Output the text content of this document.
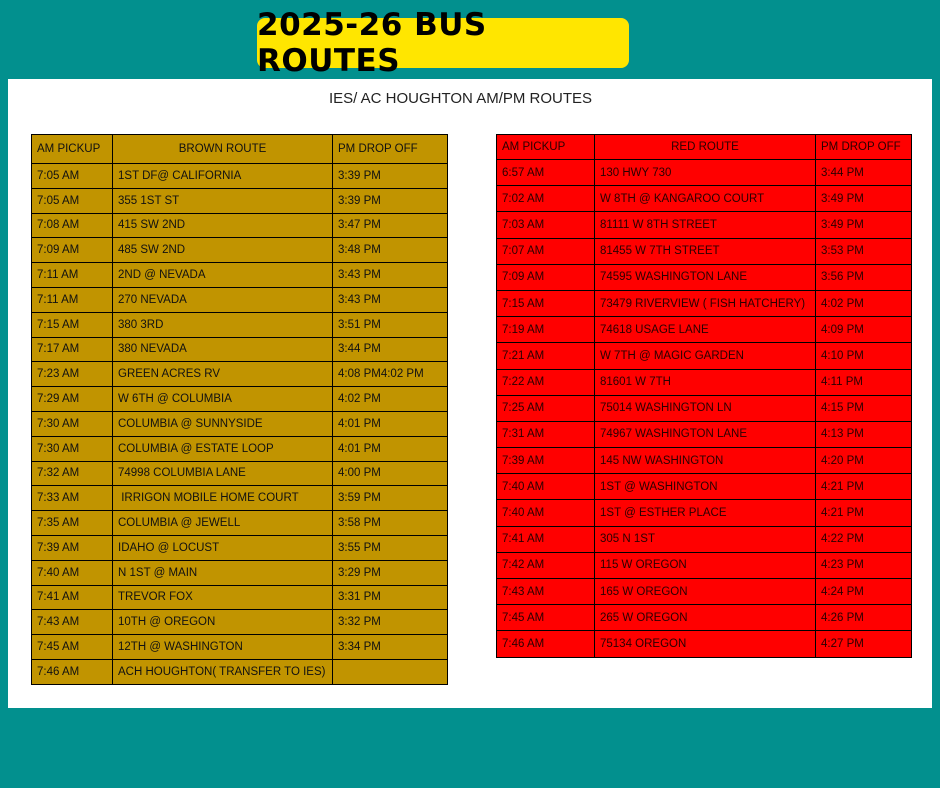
2025-26 BUS ROUTES
IES/ AC HOUGHTON AM/PM ROUTES
AM PICKUP	BROWN ROUTE	PM DROP OFF
7:05 AM	1ST DF@ CALIFORNIA	3:39 PM
7:05 AM	355 1ST ST	3:39 PM
7:08 AM	415 SW 2ND	3:47 PM
7:09 AM	485 SW 2ND	3:48 PM
7:11 AM	2ND @ NEVADA	3:43 PM
7:11 AM	270 NEVADA	3:43 PM
7:15 AM	380 3RD	3:51 PM
7:17 AM	380 NEVADA	3:44 PM
7:23 AM	GREEN ACRES RV	4:08 PM4:02 PM
7:29 AM	W 6TH @ COLUMBIA	4:02 PM
7:30 AM	COLUMBIA @ SUNNYSIDE	4:01 PM
7:30 AM	COLUMBIA @ ESTATE LOOP	4:01 PM
7:32 AM	74998 COLUMBIA LANE	4:00 PM
7:33 AM	IRRIGON MOBILE HOME COURT	3:59 PM
7:35 AM	COLUMBIA @ JEWELL	3:58 PM
7:39 AM	IDAHO @ LOCUST	3:55 PM
7:40 AM	N 1ST @ MAIN	3:29 PM
7:41 AM	TREVOR FOX	3:31 PM
7:43 AM	10TH @ OREGON	3:32 PM
7:45 AM	12TH @ WASHINGTON	3:34 PM
7:46 AM	ACH HOUGHTON( TRANSFER TO IES)	
AM PICKUP	RED ROUTE	PM DROP OFF
6:57 AM	130 HWY 730	3:44 PM
7:02 AM	W 8TH @ KANGAROO COURT	3:49 PM
7:03 AM	81111 W 8TH STREET	3:49 PM
7:07 AM	81455 W 7TH STREET	3:53 PM
7:09 AM	74595 WASHINGTON LANE	3:56 PM
7:15 AM	73479 RIVERVIEW ( FISH HATCHERY)	4:02 PM
7:19 AM	74618 USAGE LANE	4:09 PM
7:21 AM	W 7TH @ MAGIC GARDEN	4:10 PM
7:22 AM	81601 W 7TH	4:11 PM
7:25 AM	75014 WASHINGTON LN	4:15 PM
7:31 AM	74967 WASHINGTON LANE	4:13 PM
7:39 AM	145 NW WASHINGTON	4:20 PM
7:40 AM	1ST @ WASHINGTON	4:21 PM
7:40 AM	1ST @ ESTHER PLACE	4:21 PM
7:41 AM	305 N 1ST	4:22 PM
7:42 AM	115 W OREGON	4:23 PM
7:43 AM	165 W OREGON	4:24 PM
7:45 AM	265 W OREGON	4:26 PM
7:46 AM	75134 OREGON	4:27 PM
